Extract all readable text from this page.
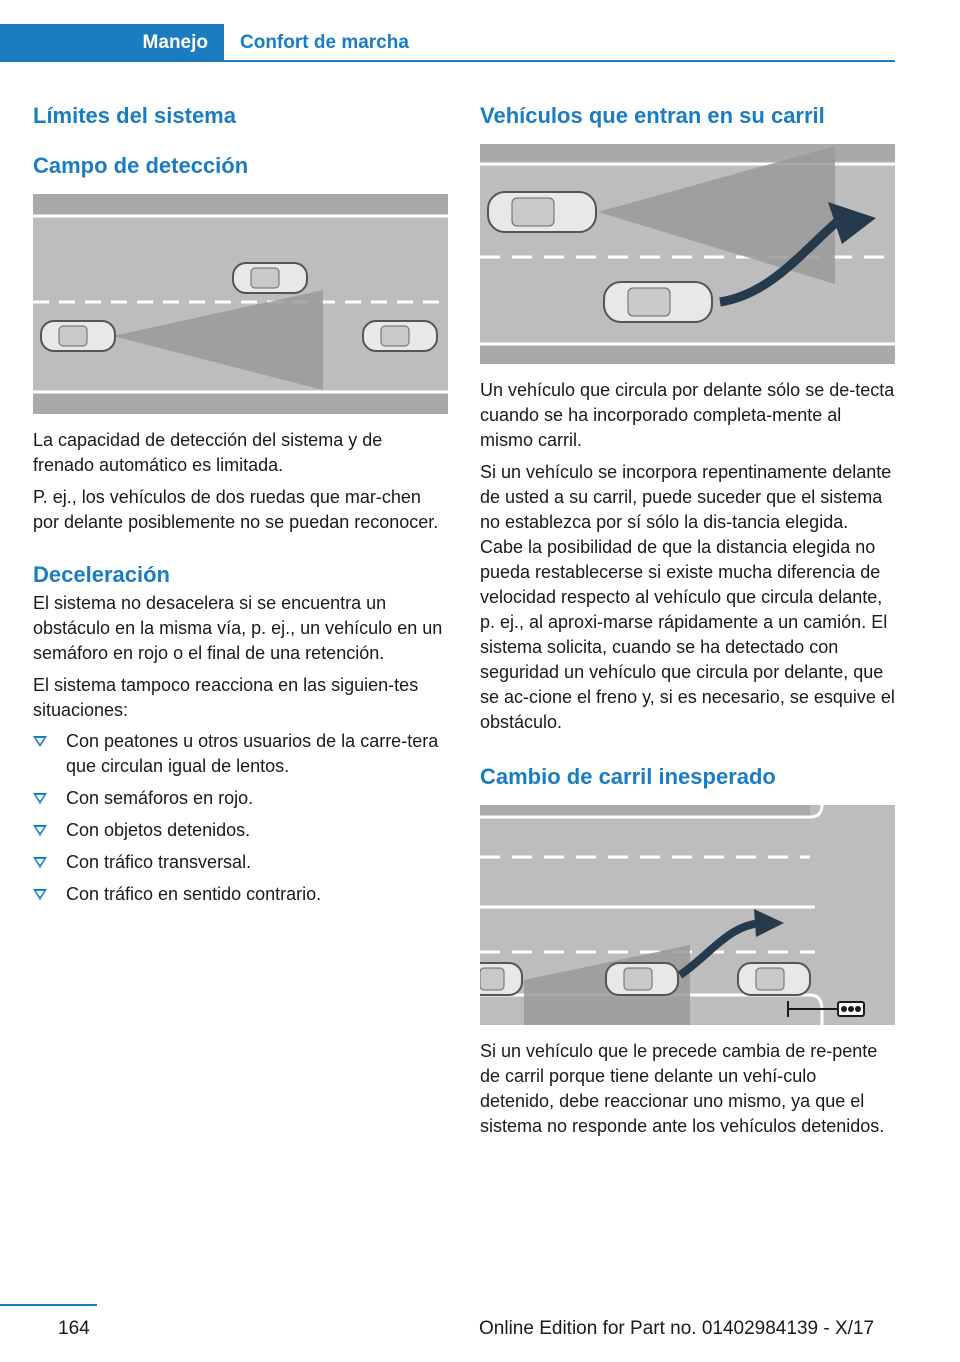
Manejo	Confort de marcha
Límites del sistema
Campo de detección

La capacidad de detección del sistema y de frenado automático es limitada.

P. ej., los vehículos de dos ruedas que mar‐chen por delante posiblemente no se puedan reconocer.

Deceleración

El sistema no desacelera si se encuentra un obstáculo en la misma vía, p. ej., un vehículo en un semáforo en rojo o el final de una retención.

El sistema tampoco reacciona en las siguien‐tes situaciones:

Con peatones u otros usuarios de la carre‐tera que circulan igual de lentos.
Con semáforos en rojo.
Con objetos detenidos.
Con tráfico transversal.
Con tráfico en sentido contrario.
Vehículos que entran en su carril

Un vehículo que circula por delante sólo se de‐tecta cuando se ha incorporado completa‐mente al mismo carril.

Si un vehículo se incorpora repentinamente delante de usted a su carril, puede suceder que el sistema no establezca por sí sólo la dis‐tancia elegida. Cabe la posibilidad de que la distancia elegida no pueda restablecerse si existe mucha diferencia de velocidad respecto al vehículo que circula delante, p. ej., al aproxi‐marse rápidamente a un camión. El sistema solicita, cuando se ha detectado con seguridad un vehículo que circula por delante, que se ac‐cione el freno y, si es necesario, se esquive el obstáculo.

Cambio de carril inesperado

Si un vehículo que le precede cambia de re‐pente de carril porque tiene delante un vehí‐culo detenido, debe reaccionar uno mismo, ya que el sistema no responde ante los vehículos detenidos.

164	Online Edition for Part no. 01402984139 - X/17
